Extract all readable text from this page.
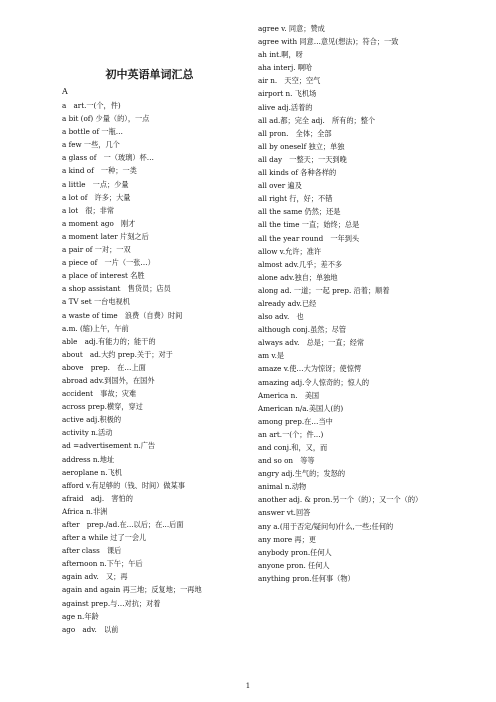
初中英语单词汇总
A
a　art.一(个，件)
a bit (of) 少量（的），一点
a bottle of 一瓶…
a few 一些，几个
a glass of　一（玻璃）杯…
a kind of　一种；一类
a little　一点；少量
a lot of　许多；大量
a lot　很；非常
a moment ago　刚才
a moment later 片刻之后
a pair of 一对；一双
a piece of　一片（一张…）
a place of interest 名胜
a shop assistant　售货员；店员
a TV set 一台电视机
a waste of time　浪费（自费）时间
a.m. (缩)上午，午前
able　adj.有能力的；能干的
about　ad.大约 prep.关于；对于
above　prep.　在…上面
abroad adv.到国外，在国外
accident　事故；灾难
across prep.横穿，穿过
active adj.积极的
activity n.活动
ad =advertisement n.广告
address n.地址
aeroplane n.飞机
afford v.有足够的（钱、时间）做某事
afraid　adj.　害怕的
Africa n.非洲
after　prep./ad.在...以后；在...后面
after a while 过了一会儿
after class　课后
afternoon n.下午；午后
again adv.　又；再
again and again 再三地；反复地；一再地
against prep.与…对抗；对着
age n.年龄
ago　adv.　以前
agree v. 同意；赞成
agree with 同意…意见(想法)；符合；一致
ah int.啊，呀
aha interj. 啊哈
air n.　天空；空气
airport n. 飞机场
alive adj.活着的
all ad.都；完全 adj.　所有的；整个
all pron.　全体；全部
all by oneself 独立；单独
all day　一整天；一天到晚
all kinds of 各种各样的
all over 遍及
all right 行，好；不错
all the same 仍然；还是
all the time 一直；始终；总是
all the year round　一年到头
allow v.允许；准许
almost adv.几乎；差不多
alone adv.独自；单独地
along ad. 一道；一起 prep. 沿着；顺着
already adv.已经
also adv.　也
although conj.虽然；尽管
always adv.　总是；一直；经常
am v.是
amaze v.使…大为惊讶；使惊愕
amazing adj.令人惊奇的；惊人的
America n.　美国
American n/a.美国人(的)
among prep.在…当中
an art.一(个；件...)
and conj.和，又，而
and so on　等等
angry adj.生气的；发怒的
animal n.动物
another adj. & pron.另一个（的）；又一个（的）
answer vt.回答
any a.(用于否定/疑问句)什么,一些;任何的
any more 再；更
anybody pron.任何人
anyone pron. 任何人
anything pron.任何事（物）
1
